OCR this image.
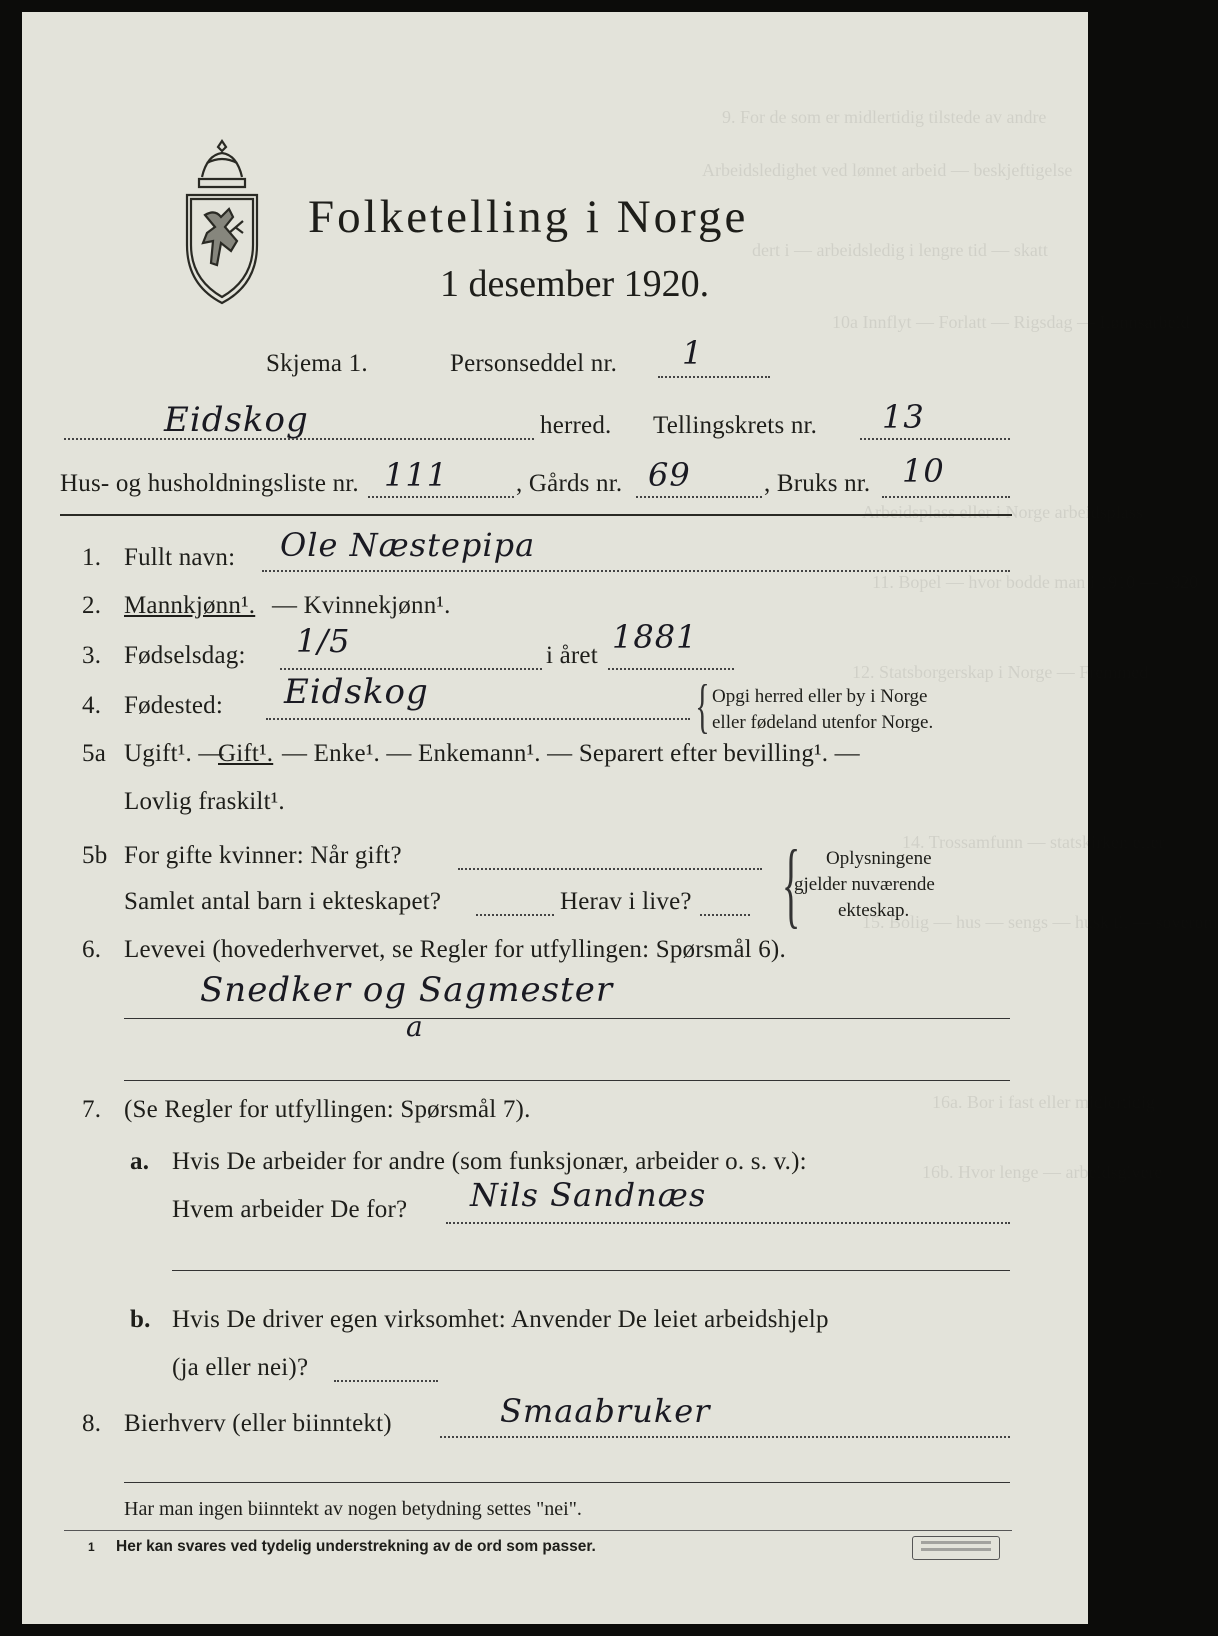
9. For de som er midlertidig tilstede av andre
Arbeidsledighet ved lønnet arbeid — beskjeftigelse
dert i — arbeidsledig i lengre tid — skatt
10a Innflyt — Forlatt — Rigsdag — Lønnsarbeid
Arbeidsplass eller i Norge arbeidsplass
11. Bopel — hvor bodde man i 1910 — 1920
12. Statsborgerskap i Norge — Fremmed
14. Trossamfunn — statskirken eller
15. Bolig — hus — sengs — husk til — soverom
16a. Bor i fast eller midlertidig
16b. Hvor lenge — arbeidsgivere
Folketelling i Norge
1 desember 1920.
Skjema 1.	Personseddel nr. 1
Eidskog	herred. Tellingskrets nr. 13
Hus- og husholdningsliste nr. 111	, Gårds nr. 69	, Bruks nr. 10
1. Fullt navn: Ole Næstepipa
2. Mannkjønn¹. — Kvinnekjønn¹.
3. Fødselsdag: 1/5	i året 1881
4. Fødested: Eidskog	{ Opgi herred eller by i Norge
eller fødeland utenfor Norge.
5a Ugift¹. —
Gift¹. — Enke¹. — Enkemann¹. — Separert efter bevilling¹. —
Lovlig fraskilt¹.
5b For gifte kvinner: Når gift?
Samlet antal barn i ekteskapet?	Herav i live? { Oplysningene
gjelder nuværende
ekteskap.
6. Levevei (hovederhvervet, se Regler for utfyllingen: Spørsmål 6).
Snedker og Sagmester
a
7. (Se Regler for utfyllingen: Spørsmål 7).
a. Hvis De arbeider for andre (som funksjonær, arbeider o. s. v.):
Hvem arbeider De for? Nils Sandnæs
b. Hvis De driver egen virksomhet: Anvender De leiet arbeidshjelp
(ja eller nei)?
8. Bierhverv (eller biinntekt)	Smaabruker
Har man ingen biinntekt av nogen betydning settes "nei".
1 Her kan svares ved tydelig understrekning av de ord som passer.
